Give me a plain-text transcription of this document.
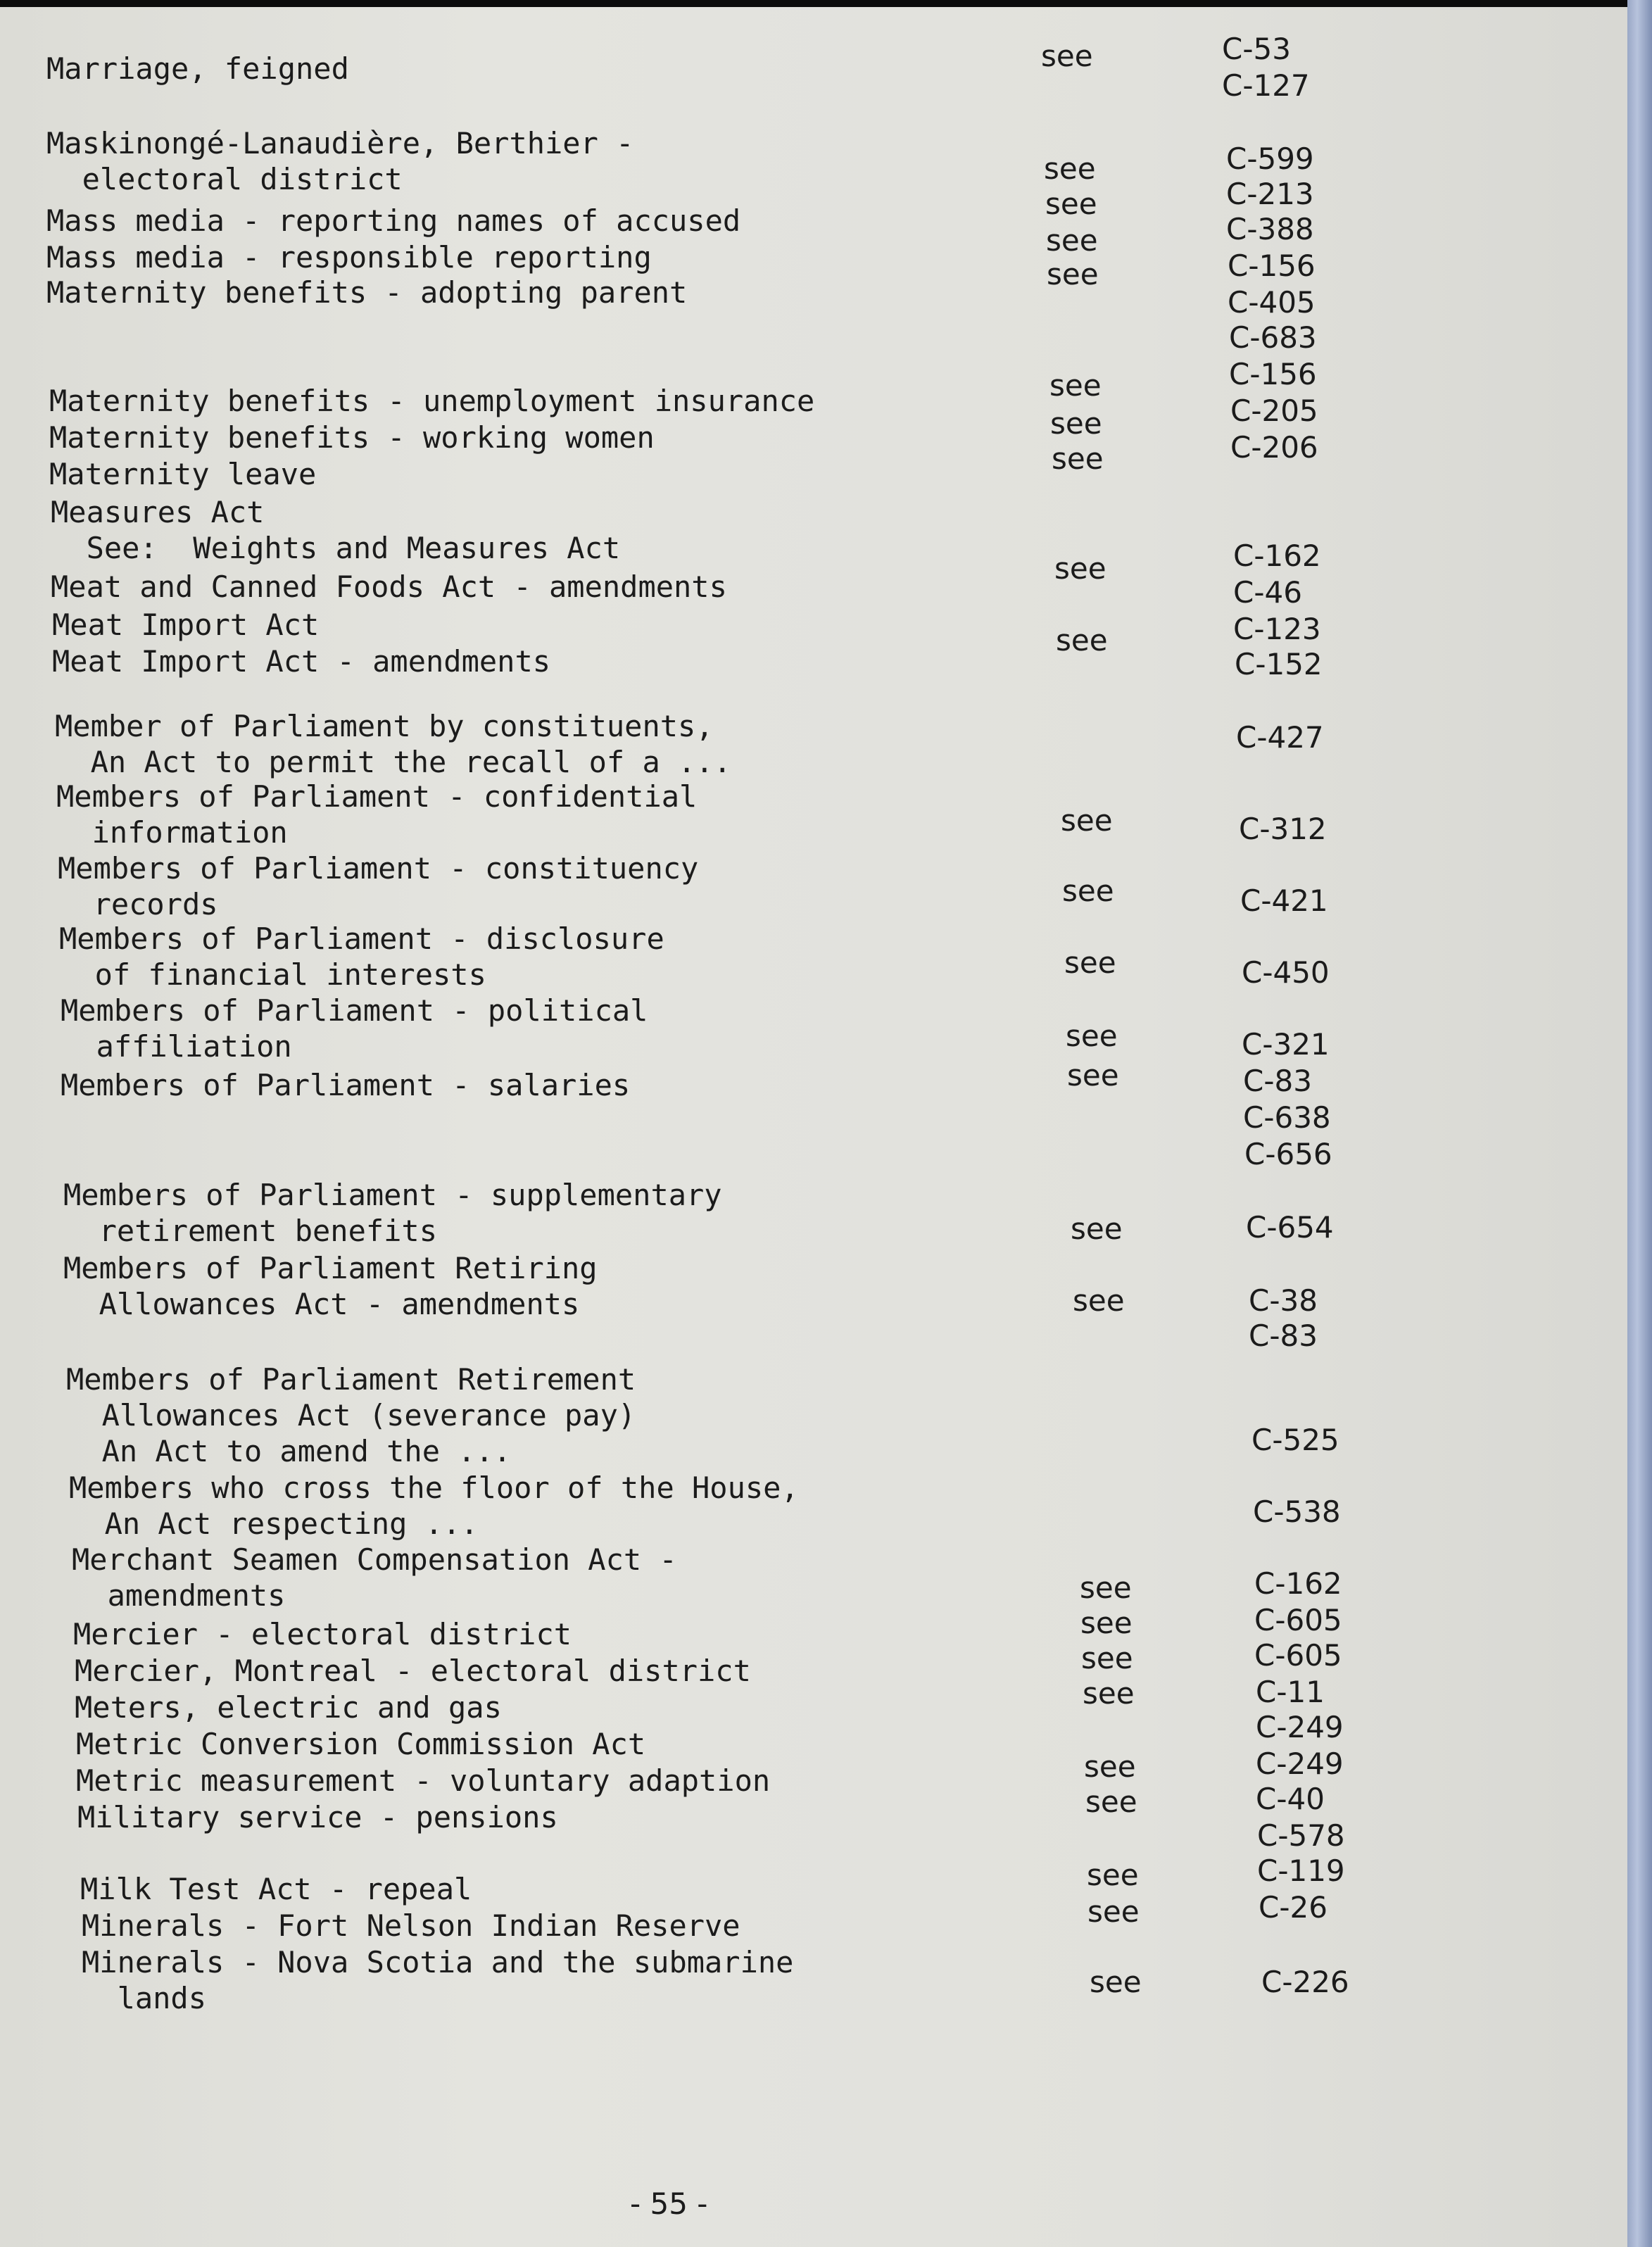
Marriage, feigned
Maskinongé-Lanaudière, Berthier -
electoral district
Mass media - reporting names of accused
Mass media - responsible reporting
Maternity benefits - adopting parent
Maternity benefits - unemployment insurance
Maternity benefits - working women
Maternity leave
Measures Act
See:  Weights and Measures Act
Meat and Canned Foods Act - amendments
Meat Import Act
Meat Import Act - amendments
Member of Parliament by constituents,
An Act to permit the recall of a ...
Members of Parliament - confidential
information
Members of Parliament - constituency
records
Members of Parliament - disclosure
of financial interests
Members of Parliament - political
affiliation
Members of Parliament - salaries
Members of Parliament - supplementary
retirement benefits
Members of Parliament Retiring
Allowances Act - amendments
Members of Parliament Retirement
Allowances Act (severance pay)
An Act to amend the ...
Members who cross the floor of the House,
An Act respecting ...
Merchant Seamen Compensation Act -
amendments
Mercier - electoral district
Mercier, Montreal - electoral district
Meters, electric and gas
Metric Conversion Commission Act
Metric measurement - voluntary adaption
Military service - pensions
Milk Test Act - repeal
Minerals - Fort Nelson Indian Reserve
Minerals - Nova Scotia and the submarine
lands
see
see
see
see
see
see
see
see
see
see
see
see
see
see
see
see
see
see
see
see
see
see
see
see
see
see
C-53
C-127
C-599
C-213
C-388
C-156
C-405
C-683
C-156
C-205
C-206
C-162
C-46
C-123
C-152
C-427
C-312
C-421
C-450
C-321
C-83
C-638
C-656
C-654
C-38
C-83
C-525
C-538
C-162
C-605
C-605
C-11
C-249
C-249
C-40
C-578
C-119
C-26
C-226
- 55 -
